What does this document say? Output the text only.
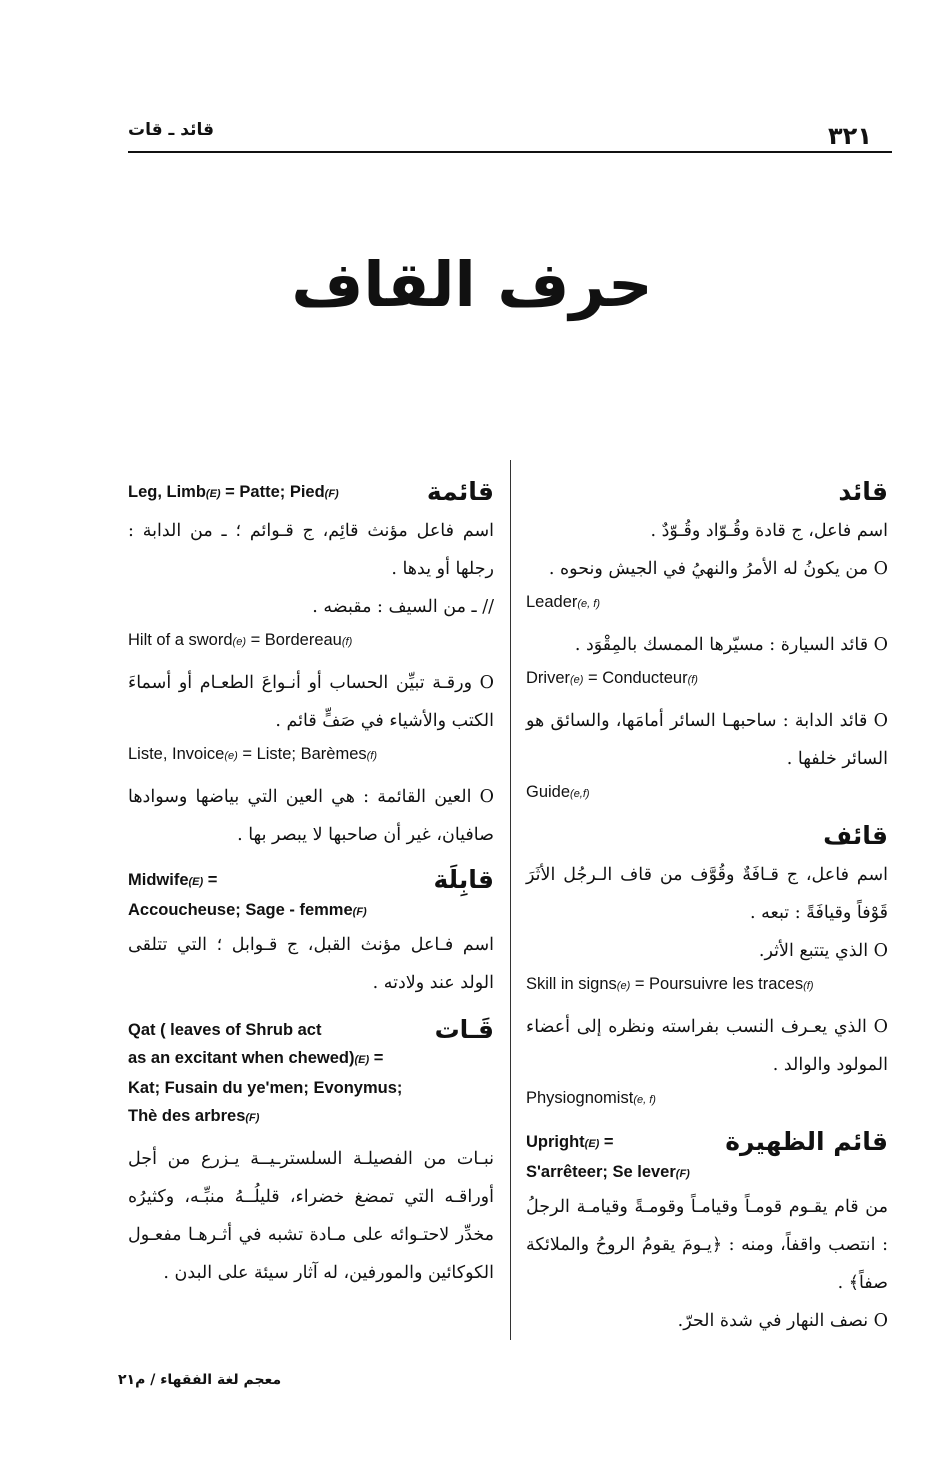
٣٢١
قائد ـ قات
حرف القاف
قائد

اسم فاعل، ج قادة وقُـوّاد وقُـوّدٌ .

O من يكونُ له الأمرُ والنهيُ في الجيش ونحوه .

Leader(e, f)

O قائد السيارة : مسيّرها الممسك بالمِقْوَد .

Driver(e) = Conducteur(f)

O قائد الدابة : ساحبهـا السائر أمامَها، والسائق هو السائر خلفها .

Guide(e,f)

قائف

اسم فاعل، ج قـافَةٌ وقُوَّف من قاف الـرجُل الأثَرَ قَوْفاً وقيافَةً : تبعه .

O الذي يتتبع الأثر.

Skill in signs(e) = Poursuivre les traces(f)

O الذي يعـرف النسب بفراسته ونظره إلى أعضاء المولود والوالد .

Physiognomist(e, f)

Upright(E) =
S'arrêteer; Se lever(F)
قائم الظهيرة

من قام يقـوم قومـاً وقيامـاً وقومـةً وقيامـة الرجلُ : انتصب واقفاً، ومنه : ﴿يـومَ يقومُ الروحُ والملائكة صفاً﴾ .

O نصف النهار في شدة الحرّ.

Leg, Limb(E) = Patte; Pied(F)	قائمة

اسم فاعل مؤنث قائِم، ج قـوائم ؛ ـ من الدابة : رجلها أو يدها .

// ـ من السيف : مقبضه .

Hilt of a sword(e) = Bordereau(f)

O ورقـة تبيِّن الحساب أو أنـواعَ الطعـام أو أسماءَ الكتب والأشياء في صَفٍّ قائم .

Liste, Invoice(e) = Liste; Barèmes(f)

O العين القائمة : هي العين التي بياضها وسوادها صافيان، غير أن صاحبها لا يبصر بها .

Midwife(E) =
Accoucheuse; Sage - femme(F)
قابِلَة

اسم فـاعل مؤنث القبل، ج قـوابل ؛ التي تتلقى الولد عند ولادته .

Qat ( leaves of Shrub act
as an excitant when chewed)(E) =
Kat; Fusain du ye'men; Evonymus;
Thè des arbres(F)
قَـات

نبـات من الفصيلـة السلسترـيــة يـزرع من أجل أوراقـه التي تمضغ خضراء، قليلُــهُ منبِّـه، وكثيرُه مخدِّر لاحتـوائه على مـادة تشبه في أثـرهـا مفعـول الكوكائين والمورفين، له آثار سيئة على البدن .

معجم لغة الفقهاء / م٢١
